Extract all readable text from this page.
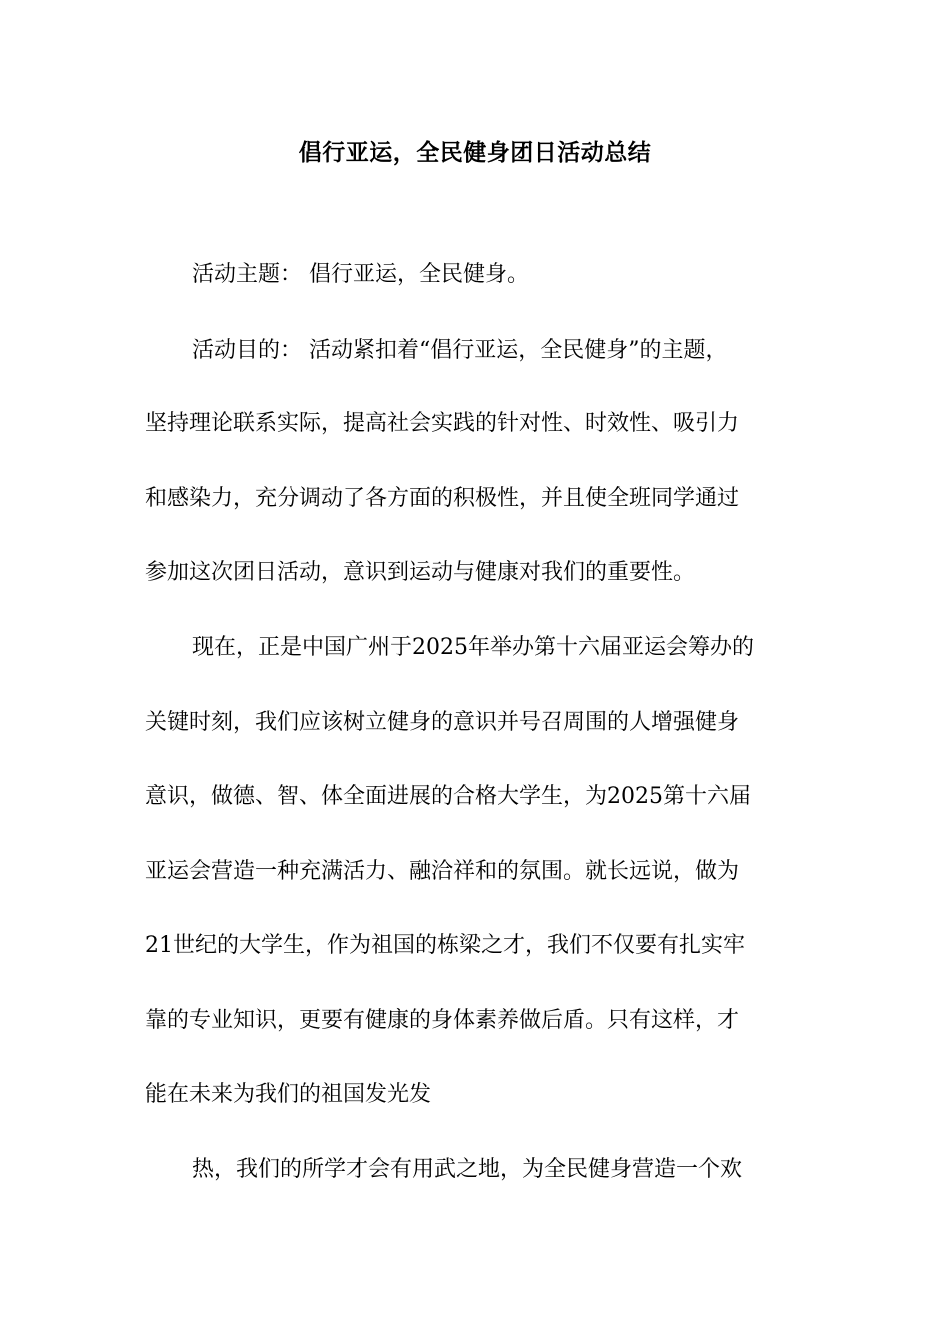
倡行亚运，全民健身团日活动总结
活动主题： 倡行亚运，全民健身。
活动目的： 活动紧扣着“倡行亚运，全民健身”的主题，
坚持理论联系实际，提高社会实践的针对性、时效性、吸引力
和感染力，充分调动了各方面的积极性，并且使全班同学通过
参加这次团日活动，意识到运动与健康对我们的重要性。
现在，正是中国广州于2025年举办第十六届亚运会筹办的
关键时刻，我们应该树立健身的意识并号召周围的人增强健身
意识，做德、智、体全面进展的合格大学生，为2025第十六届
亚运会营造一种充满活力、融洽祥和的氛围。就长远说，做为
21世纪的大学生，作为祖国的栋梁之才，我们不仅要有扎实牢
靠的专业知识，更要有健康的身体素养做后盾。只有这样，才
能在未来为我们的祖国发光发
热，我们的所学才会有用武之地，为全民健身营造一个欢
